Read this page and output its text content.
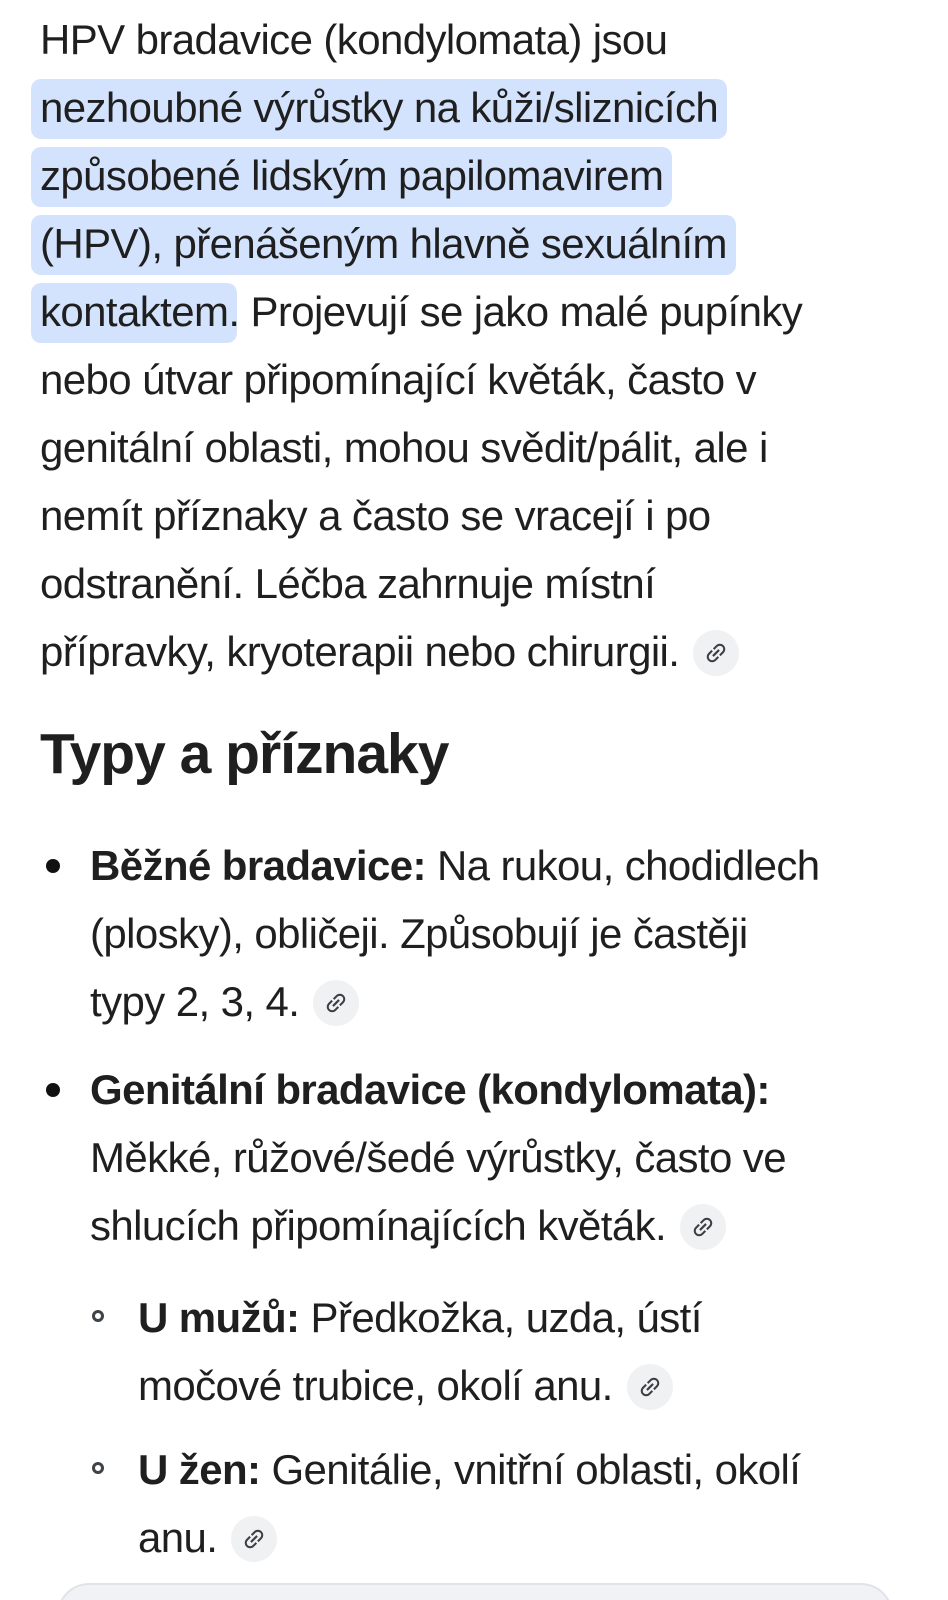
HPV bradavice (kondylomata) jsou
nezhoubné výrůstky na kůži/sliznicích
způsobené lidským papilomavirem
(HPV), přenášeným hlavně sexuálním
kontaktem. Projevují se jako malé pupínky
nebo útvar připomínající květák, často v
genitální oblasti, mohou svědit/pálit, ale i
nemít příznaky a často se vracejí i po
odstranění. Léčba zahrnuje místní
přípravky, kryoterapii nebo chirurgii.
Typy a příznaky
Běžné bradavice: Na rukou, chodidlech
(plosky), obličeji. Způsobují je častěji
typy 2, 3, 4.
Genitální bradavice (kondylomata):
Měkké, růžové/šedé výrůstky, často ve
shlucích připomínajících květák.
U mužů: Předkožka, uzda, ústí
močové trubice, okolí anu.
U žen: Genitálie, vnitřní oblasti, okolí
anu.
